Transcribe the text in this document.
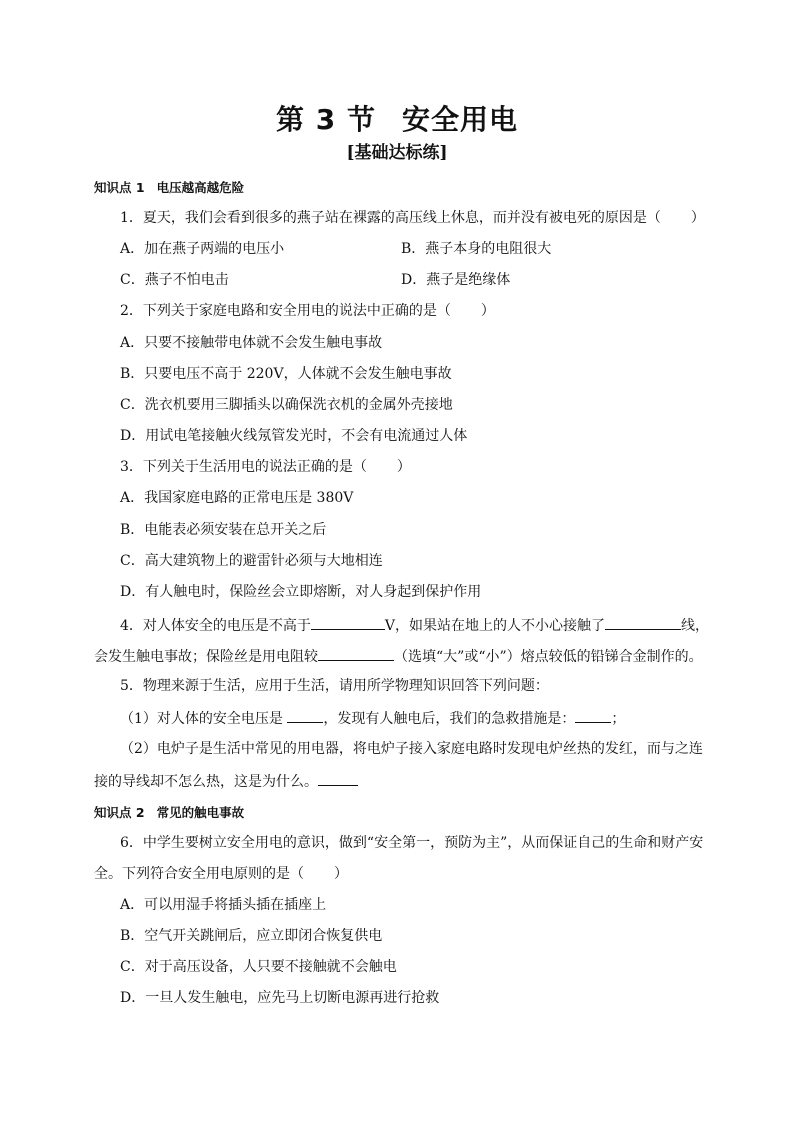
第 3 节 安全用电
[基础达标练]
知识点 1 电压越高越危险
1．夏天，我们会看到很多的燕子站在裸露的高压线上休息，而并没有被电死的原因是（ ）
A．加在燕子两端的电压小	B．燕子本身的电阻很大
C．燕子不怕电击	D．燕子是绝缘体
2．下列关于家庭电路和安全用电的说法中正确的是（ ）
A．只要不接触带电体就不会发生触电事故
B．只要电压不高于 220V，人体就不会发生触电事故
C．洗衣机要用三脚插头以确保洗衣机的金属外壳接地
D．用试电笔接触火线氖管发光时，不会有电流通过人体
3．下列关于生活用电的说法正确的是（ ）
A．我国家庭电路的正常电压是 380V
B．电能表必须安装在总开关之后
C．高大建筑物上的避雷针必须与大地相连
D．有人触电时，保险丝会立即熔断，对人身起到保护作用
4．对人体安全的电压是不高于	V，如果站在地上的人不小心接触了	线，
会发生触电事故；保险丝是用电阻较	（选填“大”或“小”）熔点较低的铅锑合金制作的。
5．物理来源于生活，应用于生活，请用所学物理知识回答下列问题：
（1）对人体的安全电压是	，发现有人触电后，我们的急救措施是：	；
（2）电炉子是生活中常见的用电器，将电炉子接入家庭电路时发现电炉丝热的发红，而与之连
接的导线却不怎么热，这是为什么。
知识点 2 常见的触电事故
6．中学生要树立安全用电的意识，做到“安全第一，预防为主”，从而保证自己的生命和财产安
全。下列符合安全用电原则的是（ ）
A．可以用湿手将插头插在插座上
B．空气开关跳闸后，应立即闭合恢复供电
C．对于高压设备，人只要不接触就不会触电
D．一旦人发生触电，应先马上切断电源再进行抢救
